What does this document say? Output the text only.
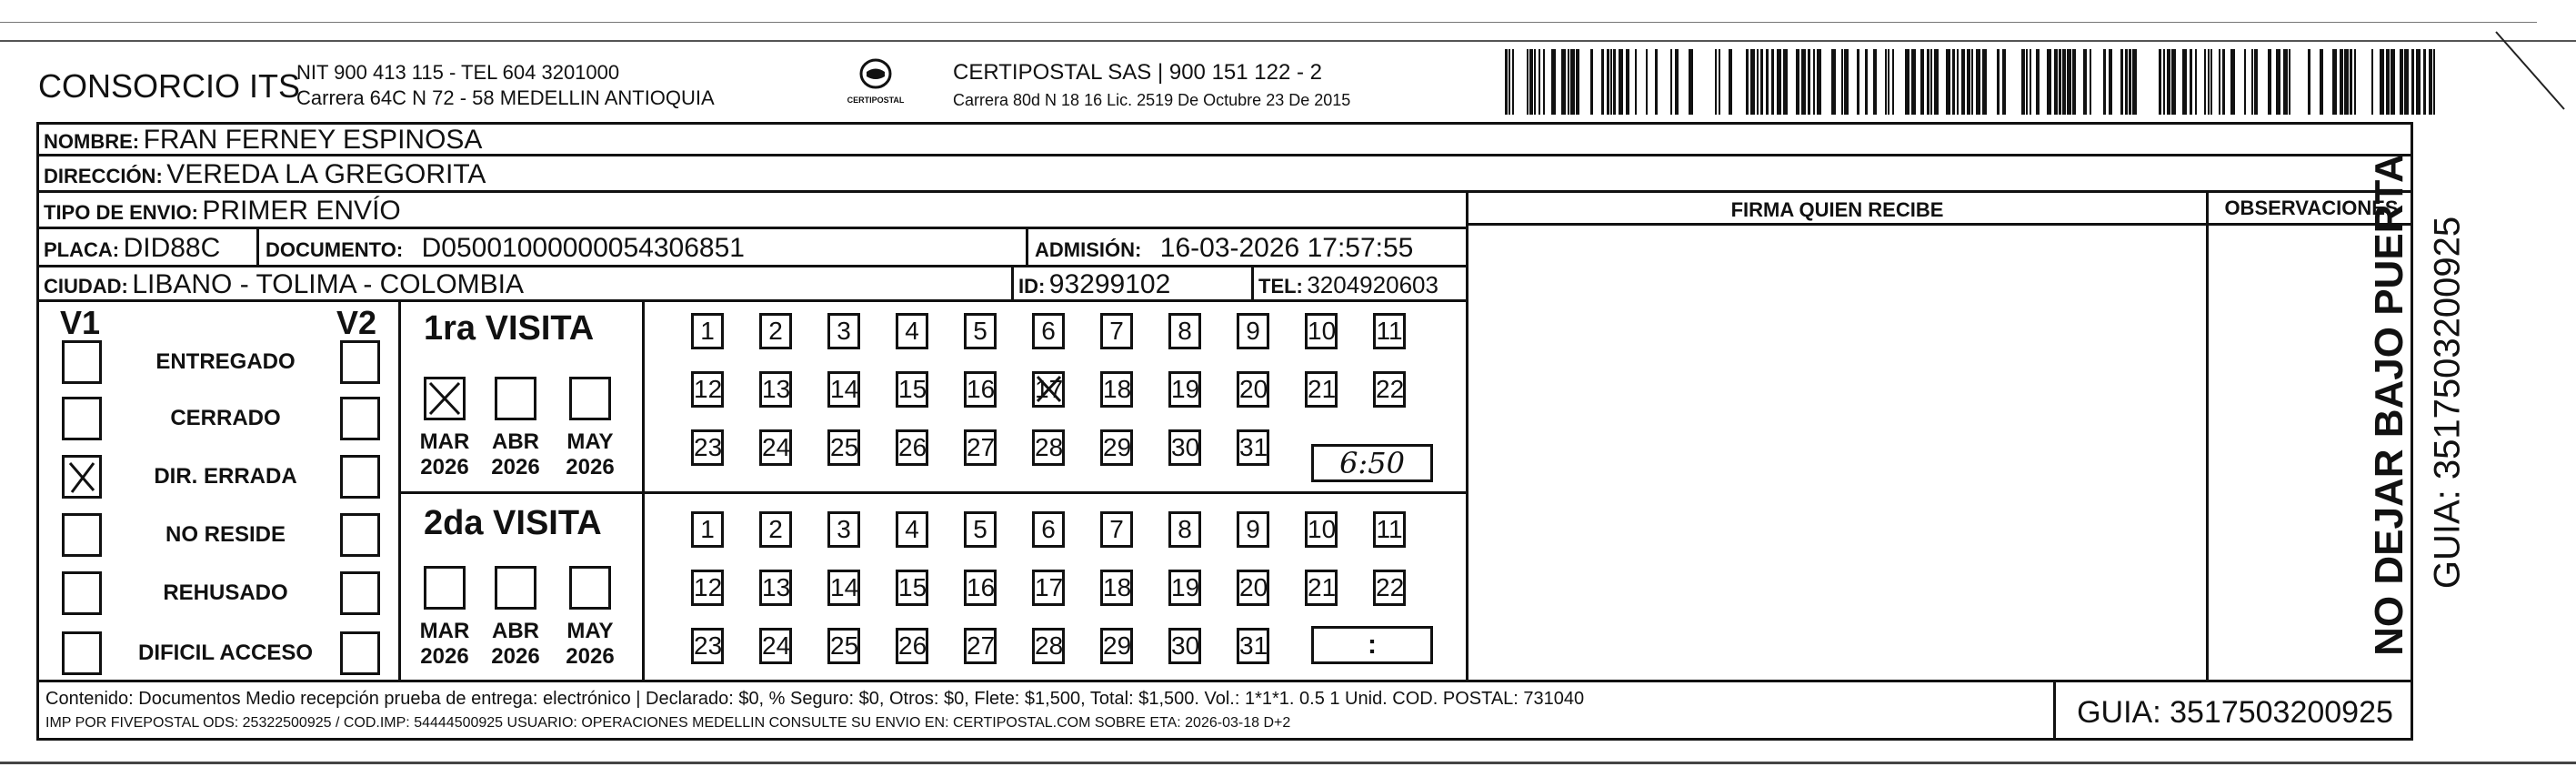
CONSORCIO ITS
NIT 900 413 115 - TEL 604 3201000
Carrera 64C N 72 - 58 MEDELLIN ANTIOQUIA	CERTIPOSTAL
CERTIPOSTAL SAS | 900 151 122 - 2
Carrera 80d N 18 16 Lic. 2519 De Octubre 23 De 2015
NOMBRE: FRAN FERNEY ESPINOSA
DIRECCIÓN: VEREDA LA GREGORITA
FIRMA QUIEN RECIBE	OBSERVACIONES
TIPO DE ENVIO: PRIMER ENVÍO
PLACA: DID88C DOCUMENTO: D05001000000054306851	ADMISIÓN: 16-03-2026 17:57:55
CIUDAD: LIBANO - TOLIMA - COLOMBIA	ID: 93299102	TEL: 3204920603
V1	V2
ENTREGADO
CERRADO
DIR. ERRADA
NO RESIDE
REHUSADO
DIFICIL ACCESO
1ra VISITA
2da VISITA
MAR
2026
ABR
2026
MAY
2026
MAR
2026
ABR
2026
MAY
2026
1	2	3	4	5	6	7	8	9	10 11
12 13 14 15 16 17 18 19 20 21 22
23 24 25 26 27 28 29 30 31
1	2	3	4	5	6	7	8	9	10 11
12 13 14 15 16 17 18 19 20 21 22
23 24 25 26 27 28 29 30 31
6:50
:
Contenido: Documentos Medio recepción prueba de entrega: electrónico | Declarado: $0, % Seguro: $0, Otros: $0, Flete: $1,500, Total: $1,500. Vol.: 1*1*1. 0.5 1 Unid. COD. POSTAL: 731040
IMP POR FIVEPOSTAL ODS: 25322500925 / COD.IMP: 54444500925 USUARIO: OPERACIONES MEDELLIN CONSULTE SU ENVIO EN: CERTIPOSTAL.COM SOBRE ETA: 2026-03-18 D+2	GUIA: 3517503200925
NO DEJAR BAJO PUERTA GUIA: 3517503200925
